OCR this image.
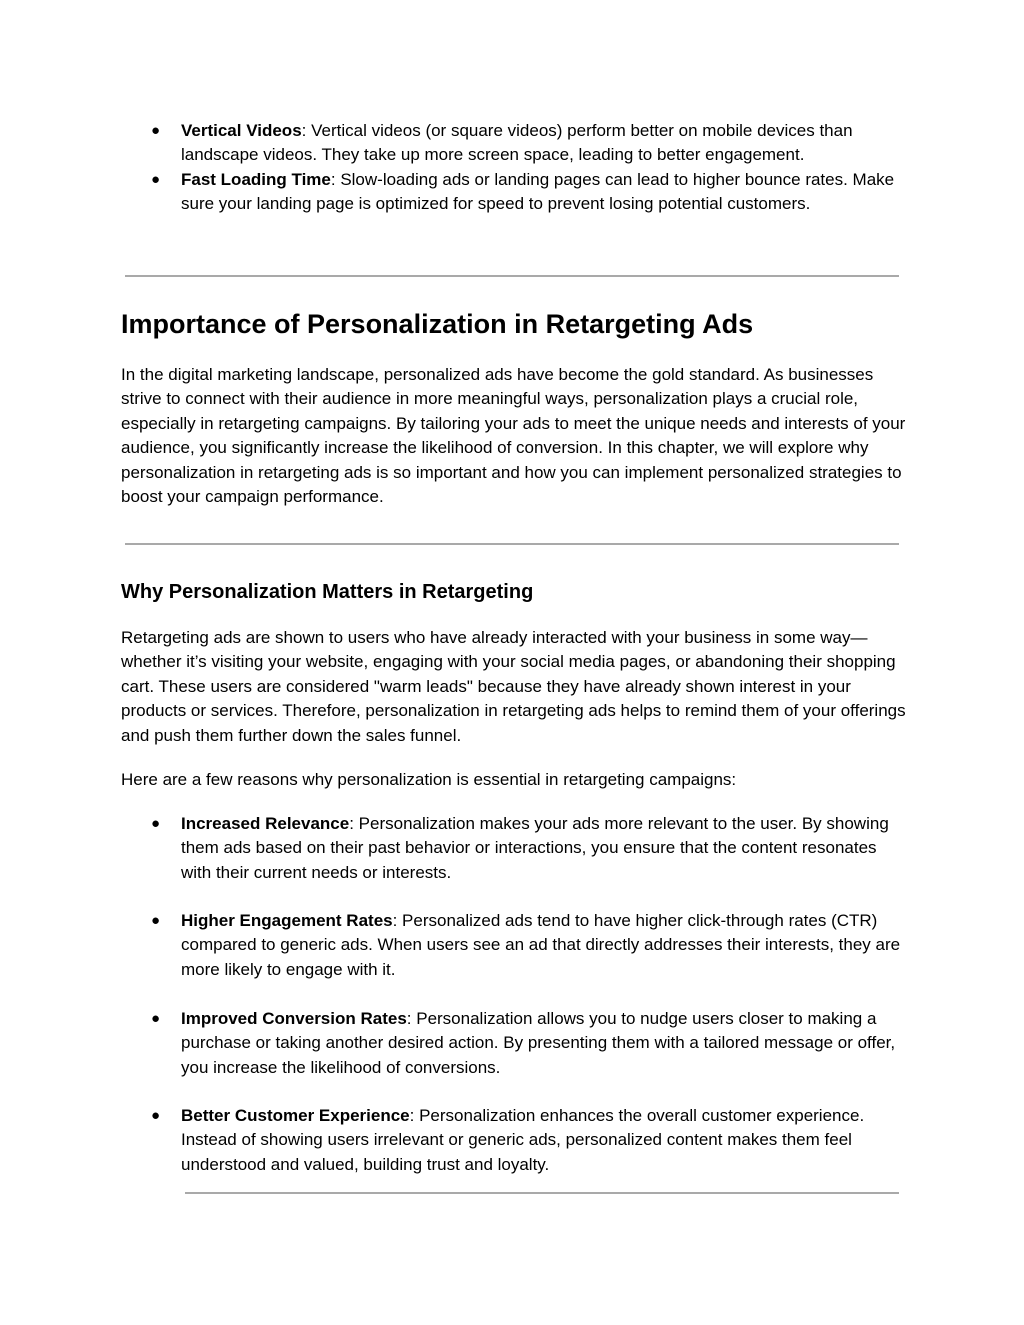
● Vertical Videos: Vertical videos (or square videos) perform better on mobile devices than landscape videos. They take up more screen space, leading to better engagement.
● Fast Loading Time: Slow-loading ads or landing pages can lead to higher bounce rates. Make sure your landing page is optimized for speed to prevent losing potential customers.
Importance of Personalization in Retargeting Ads

In the digital marketing landscape, personalized ads have become the gold standard. As businesses strive to connect with their audience in more meaningful ways, personalization plays a crucial role, especially in retargeting campaigns. By tailoring your ads to meet the unique needs and interests of your audience, you significantly increase the likelihood of conversion. In this chapter, we will explore why personalization in retargeting ads is so important and how you can implement personalized strategies to boost your campaign performance.

Why Personalization Matters in Retargeting

Retargeting ads are shown to users who have already interacted with your business in some way—whether it’s visiting your website, engaging with your social media pages, or abandoning their shopping cart. These users are considered "warm leads" because they have already shown interest in your products or services. Therefore, personalization in retargeting ads helps to remind them of your offerings and push them further down the sales funnel.

Here are a few reasons why personalization is essential in retargeting campaigns:

● Increased Relevance: Personalization makes your ads more relevant to the user. By showing them ads based on their past behavior or interactions, you ensure that the content resonates with their current needs or interests.
● Higher Engagement Rates: Personalized ads tend to have higher click-through rates (CTR) compared to generic ads. When users see an ad that directly addresses their interests, they are more likely to engage with it.
● Improved Conversion Rates: Personalization allows you to nudge users closer to making a purchase or taking another desired action. By presenting them with a tailored message or offer, you increase the likelihood of conversions.
● Better Customer Experience: Personalization enhances the overall customer experience. Instead of showing users irrelevant or generic ads, personalized content makes them feel understood and valued, building trust and loyalty.
